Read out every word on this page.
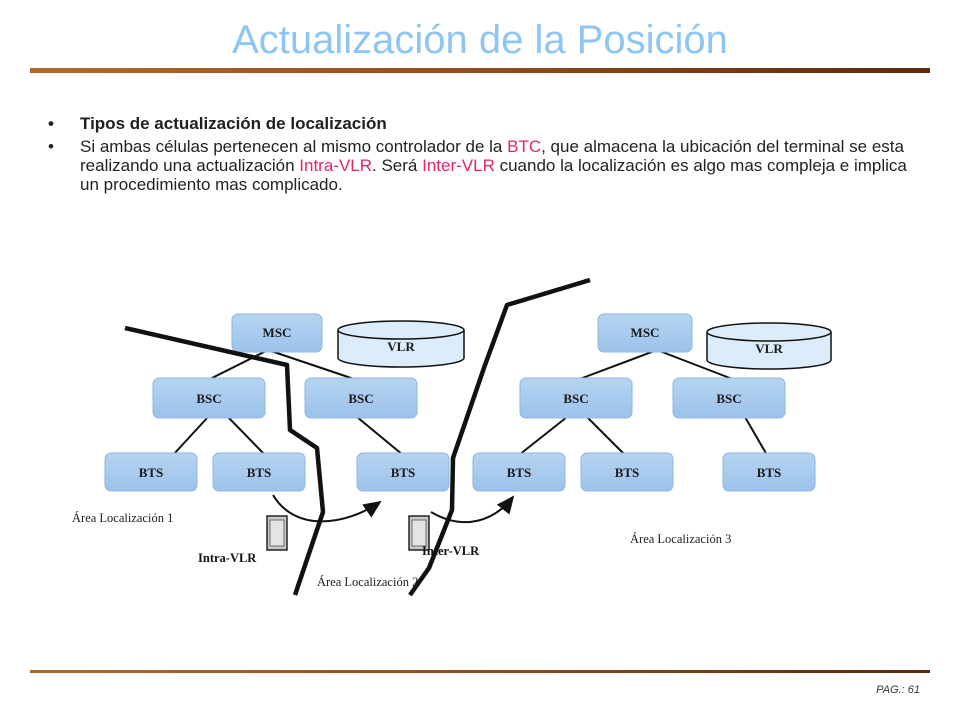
Actualización de la Posición
• Tipos de actualización de localización
• Si ambas células pertenecen al mismo controlador de la BTC, que almacena la ubicación del terminal se esta realizando una actualización Intra-VLR. Será Inter-VLR cuando la localización es algo mas compleja e implica un procedimiento mas complicado.
MSC
VLR
BSC	BSC
BTS	BTS	BTS
MSC
VLR
BSC	BSC
BTS	BTS	BTS
Área Localización 1
Área Localización 2
Área Localización 3
Intra-VLR	Inter-VLR
PAG.: 61
